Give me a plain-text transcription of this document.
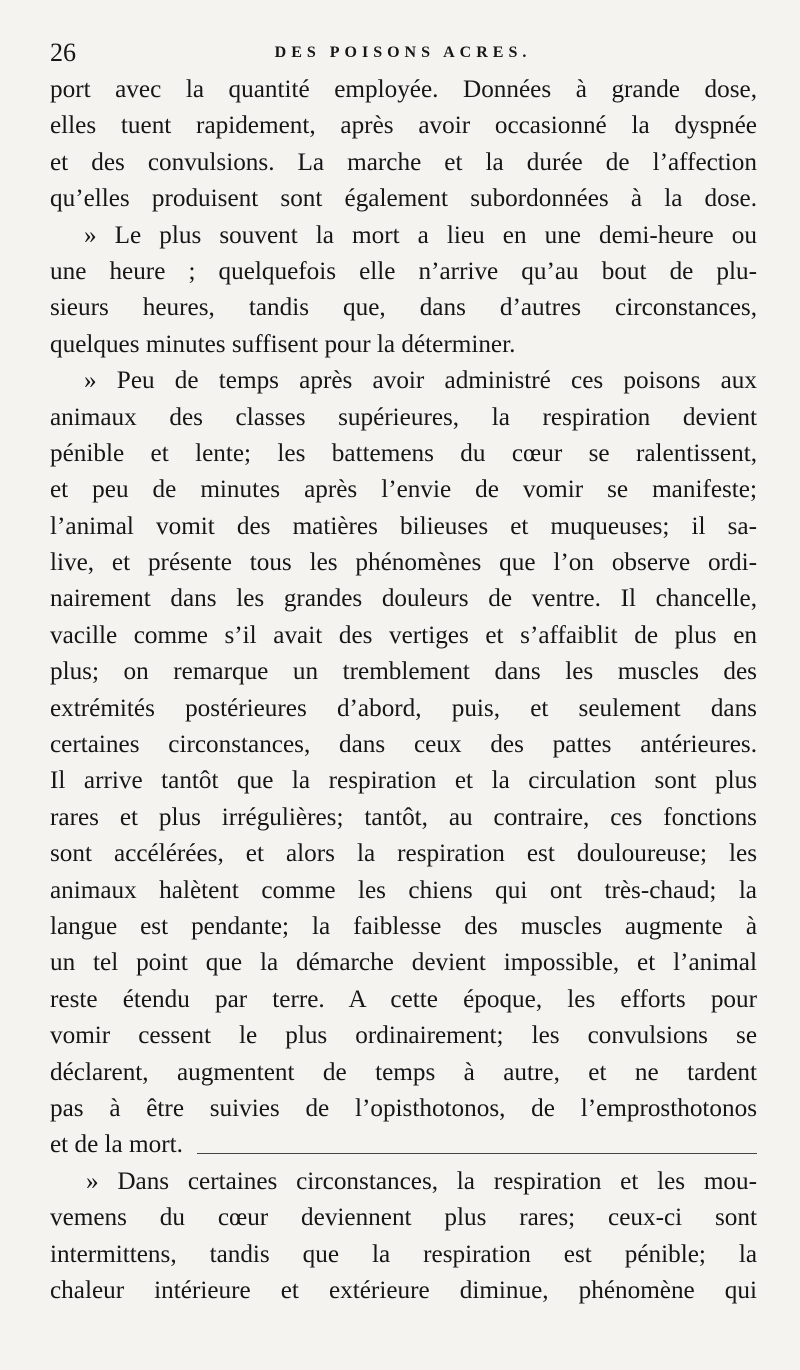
26	DES POISONS ACRES.
port avec la quantité employée. Données à grande dose,
elles tuent rapidement, après avoir occasionné la dyspnée
et des convulsions. La marche et la durée de l’affection
qu’elles produisent sont également subordonnées à la dose.
» Le plus souvent la mort a lieu en une demi-heure ou
une heure ; quelquefois elle n’arrive qu’au bout de plu-
sieurs heures, tandis que, dans d’autres circonstances,
quelques minutes suffisent pour la déterminer.
» Peu de temps après avoir administré ces poisons aux
animaux des classes supérieures, la respiration devient
pénible et lente; les battemens du cœur se ralentissent,
et peu de minutes après l’envie de vomir se manifeste;
l’animal vomit des matières bilieuses et muqueuses; il sa-
live, et présente tous les phénomènes que l’on observe ordi-
nairement dans les grandes douleurs de ventre. Il chancelle,
vacille comme s’il avait des vertiges et s’affaiblit de plus en
plus; on remarque un tremblement dans les muscles des
extrémités postérieures d’abord, puis, et seulement dans
certaines circonstances, dans ceux des pattes antérieures.
Il arrive tantôt que la respiration et la circulation sont plus
rares et plus irrégulières; tantôt, au contraire, ces fonctions
sont accélérées, et alors la respiration est douloureuse; les
animaux halètent comme les chiens qui ont très-chaud; la
langue est pendante; la faiblesse des muscles augmente à
un tel point que la démarche devient impossible, et l’animal
reste étendu par terre. A cette époque, les efforts pour
vomir cessent le plus ordinairement; les convulsions se
déclarent, augmentent de temps à autre, et ne tardent
pas à être suivies de l’opisthotonos, de l’emprosthotonos
et de la mort.
» Dans certaines circonstances, la respiration et les mou-
vemens du cœur deviennent plus rares; ceux-ci sont
intermittens, tandis que la respiration est pénible; la
chaleur intérieure et extérieure diminue, phénomène qui
